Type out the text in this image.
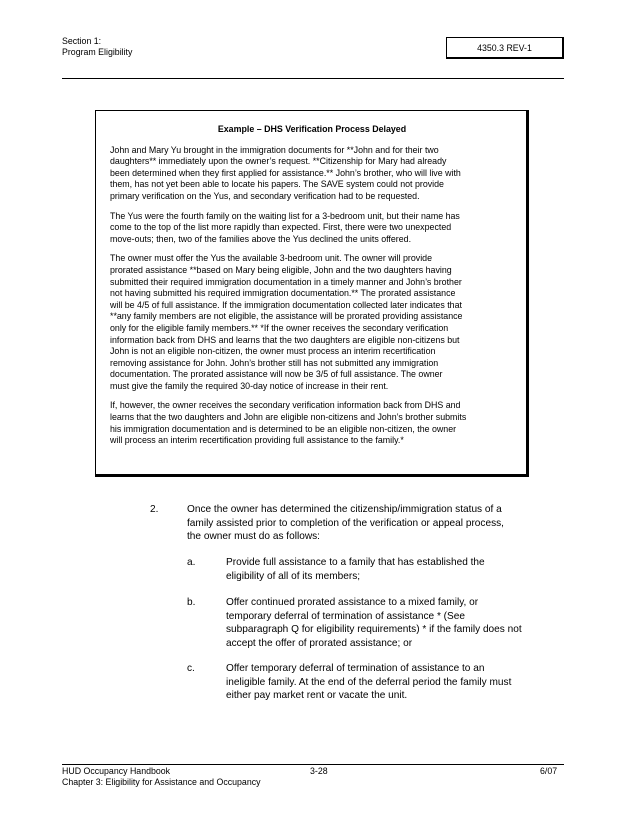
Section 1:
Program Eligibility	4350.3 REV-1
Example – DHS Verification Process Delayed
John and Mary Yu brought in the immigration documents for **John and for their two
daughters** immediately upon the owner’s request. **Citizenship for Mary had already
been determined when they first applied for assistance.** John’s brother, who will live with
them, has not yet been able to locate his papers. The SAVE system could not provide
primary verification on the Yus, and secondary verification had to be requested.
The Yus were the fourth family on the waiting list for a 3-bedroom unit, but their name has
come to the top of the list more rapidly than expected. First, there were two unexpected
move-outs; then, two of the families above the Yus declined the units offered.
The owner must offer the Yus the available 3-bedroom unit. The owner will provide
prorated assistance **based on Mary being eligible, John and the two daughters having
submitted their required immigration documentation in a timely manner and John’s brother
not having submitted his required immigration documentation.** The prorated assistance
will be 4/5 of full assistance. If the immigration documentation collected later indicates that
**any family members are not eligible, the assistance will be prorated providing assistance
only for the eligible family members.** *If the owner receives the secondary verification
information back from DHS and learns that the two daughters are eligible non-citizens but
John is not an eligible non-citizen, the owner must process an interim recertification
removing assistance for John. John’s brother still has not submitted any immigration
documentation. The prorated assistance will now be 3/5 of full assistance. The owner
must give the family the required 30-day notice of increase in their rent.
If, however, the owner receives the secondary verification information back from DHS and
learns that the two daughters and John are eligible non-citizens and John’s brother submits
his immigration documentation and is determined to be an eligible non-citizen, the owner
will process an interim recertification providing full assistance to the family.*
2.	Once the owner has determined the citizenship/immigration status of a
family assisted prior to completion of the verification or appeal process,
the owner must do as follows:
a.	Provide full assistance to a family that has established the
eligibility of all of its members;
b.	Offer continued prorated assistance to a mixed family, or
temporary deferral of termination of assistance * (See
subparagraph Q for eligibility requirements) * if the family does not
accept the offer of prorated assistance; or
c.	Offer temporary deferral of termination of assistance to an
ineligible family. At the end of the deferral period the family must
either pay market rent or vacate the unit.
HUD Occupancy Handbook
Chapter 3: Eligibility for Assistance and Occupancy
3-28	6/07
